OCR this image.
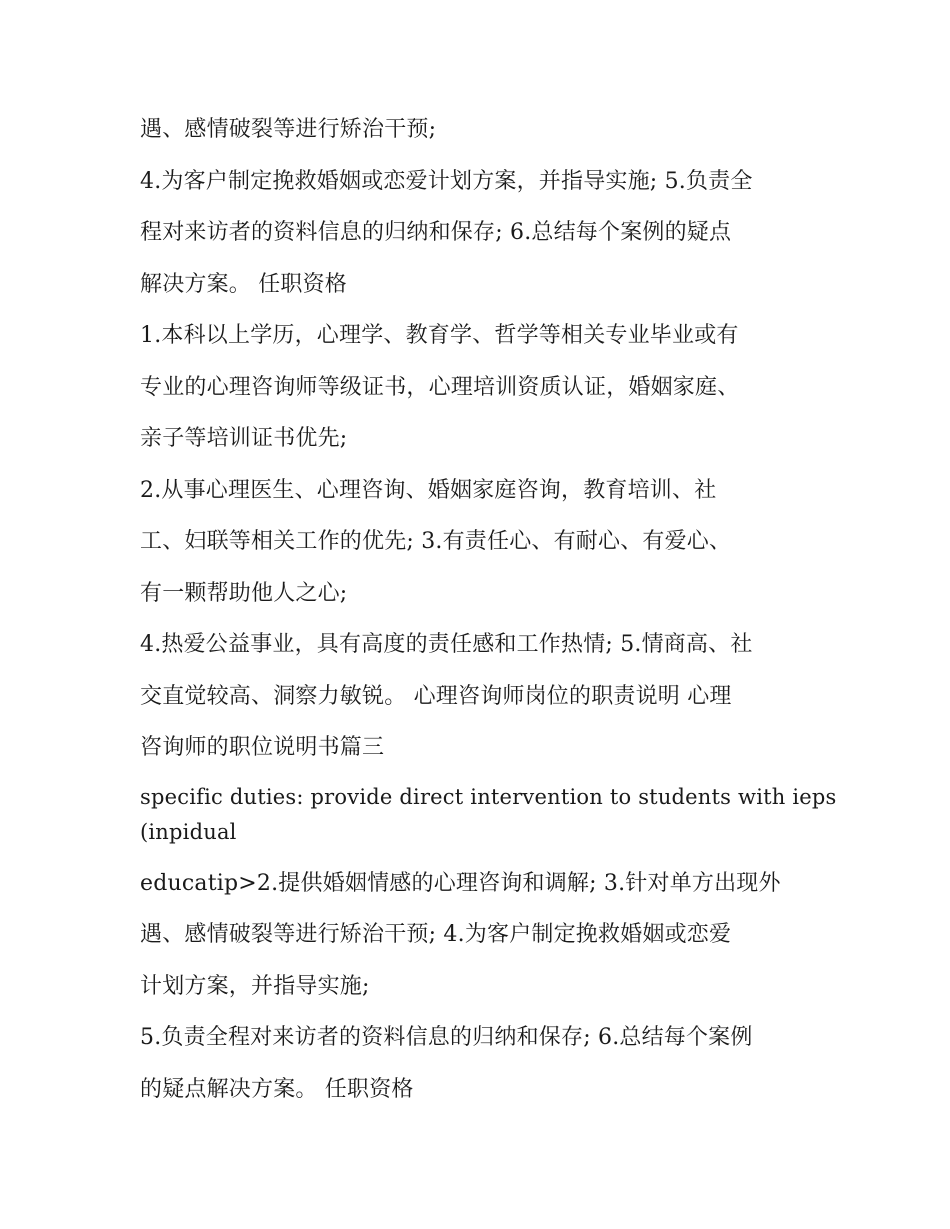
遇、感情破裂等进行矫治干预;
4.为客户制定挽救婚姻或恋爱计划方案，并指导实施; 5.负责全
程对来访者的资料信息的归纳和保存; 6.总结每个案例的疑点
解决方案。 任职资格
1.本科以上学历，心理学、教育学、哲学等相关专业毕业或有
专业的心理咨询师等级证书，心理培训资质认证，婚姻家庭、
亲子等培训证书优先;
2.从事心理医生、心理咨询、婚姻家庭咨询，教育培训、社
工、妇联等相关工作的优先; 3.有责任心、有耐心、有爱心、
有一颗帮助他人之心;
4.热爱公益事业，具有高度的责任感和工作热情; 5.情商高、社
交直觉较高、洞察力敏锐。 心理咨询师岗位的职责说明 心理
咨询师的职位说明书篇三
specific duties: provide direct intervention to students with ieps
(inpidual
educatip>2.提供婚姻情感的心理咨询和调解; 3.针对单方出现外
遇、感情破裂等进行矫治干预; 4.为客户制定挽救婚姻或恋爱
计划方案，并指导实施;
5.负责全程对来访者的资料信息的归纳和保存; 6.总结每个案例
的疑点解决方案。 任职资格
